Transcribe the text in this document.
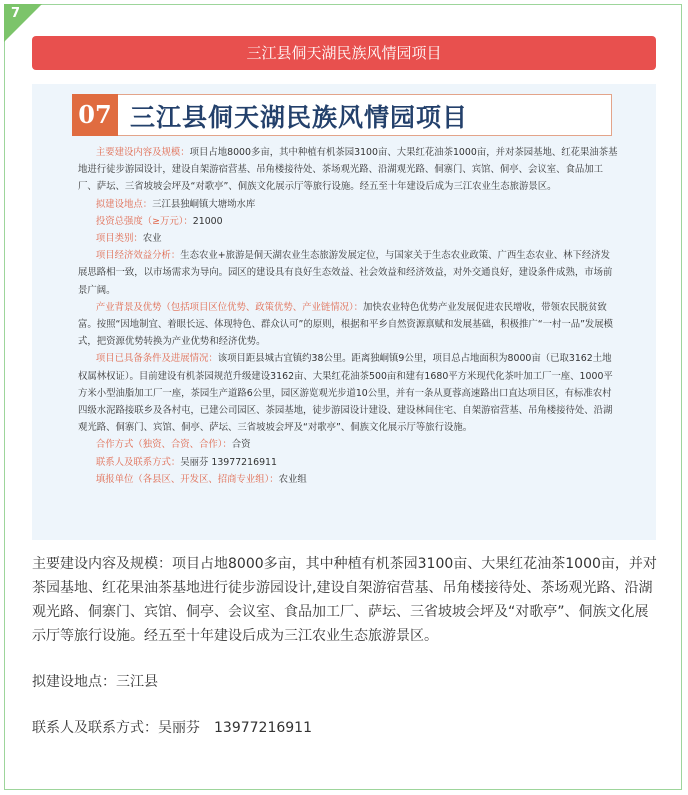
7
三江县侗天湖民族风情园项目
07 三江县侗天湖民族风情园项目

主要建设内容及规模：项目占地8000多亩，其中种植有机茶园3100亩、大果红花油茶1000亩，并对茶园基地、红花果油茶基地进行徒步游园设计，建设自架游宿营基、吊角楼接待处、茶场观光路、沿湖观光路、侗寨门、宾馆、侗亭、会议室、食品加工厂、萨坛、三省坡坡会坪及“对歌亭”、侗族文化展示厅等旅行设施。经五至十年建设后成为三江农业生态旅游景区。

拟建设地点：三江县独峒镇大塘坳水库

投资总强度（≥万元）：21000

项目类别：农业

项目经济效益分析：生态农业+旅游是侗天湖农业生态旅游发展定位，与国家关于生态农业政策、广西生态农业、林下经济发展思路相一致，以市场需求为导向。园区的建设具有良好生态效益、社会效益和经济效益，对外交通良好，建设条件成熟，市场前景广阔。

产业背景及优势（包括项目区位优势、政策优势、产业链情况）：加快农业特色优势产业发展促进农民增收，带领农民脱贫致富。按照“因地制宜、着眼长远、体现特色、群众认可”的原则，根据和平乡自然资源禀赋和发展基础，积极推广“一村一品”发展模式，把资源优势转换为产业优势和经济优势。

项目已具备条件及进展情况：该项目距县城古宜镇约38公里。距离独峒镇9公里，项目总占地面积为8000亩（已取3162土地权属林权证）。目前建设有机茶园规范升级建设3162亩、大果红花油茶500亩和建有1680平方米现代化茶叶加工厂一座、1000平方米小型油脂加工厂一座，茶园生产道路6公里，园区游览观光步道10公里，并有一条从夏蓉高速路出口直达项目区，有标准农村四级水泥路接联乡及各村屯，已建公司园区、茶园基地，徒步游园设计建设、建设林间住宅、自架游宿营基、吊角楼接待处、沿湖观光路、侗寨门、宾馆、侗亭、萨坛、三省坡坡会坪及“对歌亭”、侗族文化展示厅等旅行设施。

合作方式（独资、合资、合作）：合资

联系人及联系方式：吴丽芬 13977216911

填报单位（各县区、开发区、招商专业组）：农业组

主要建设内容及规模：项目占地8000多亩，其中种植有机茶园3100亩、大果红花油茶1000亩，并对茶园基地、红花果油茶基地进行徒步游园设计,建设自架游宿营基、吊角楼接待处、茶场观光路、沿湖观光路、侗寨门、宾馆、侗亭、会议室、食品加工厂、萨坛、三省坡坡会坪及“对歌亭”、侗族文化展示厅等旅行设施。经五至十年建设后成为三江农业生态旅游景区。

拟建设地点：三江县

联系人及联系方式：吴丽芬　13977216911
